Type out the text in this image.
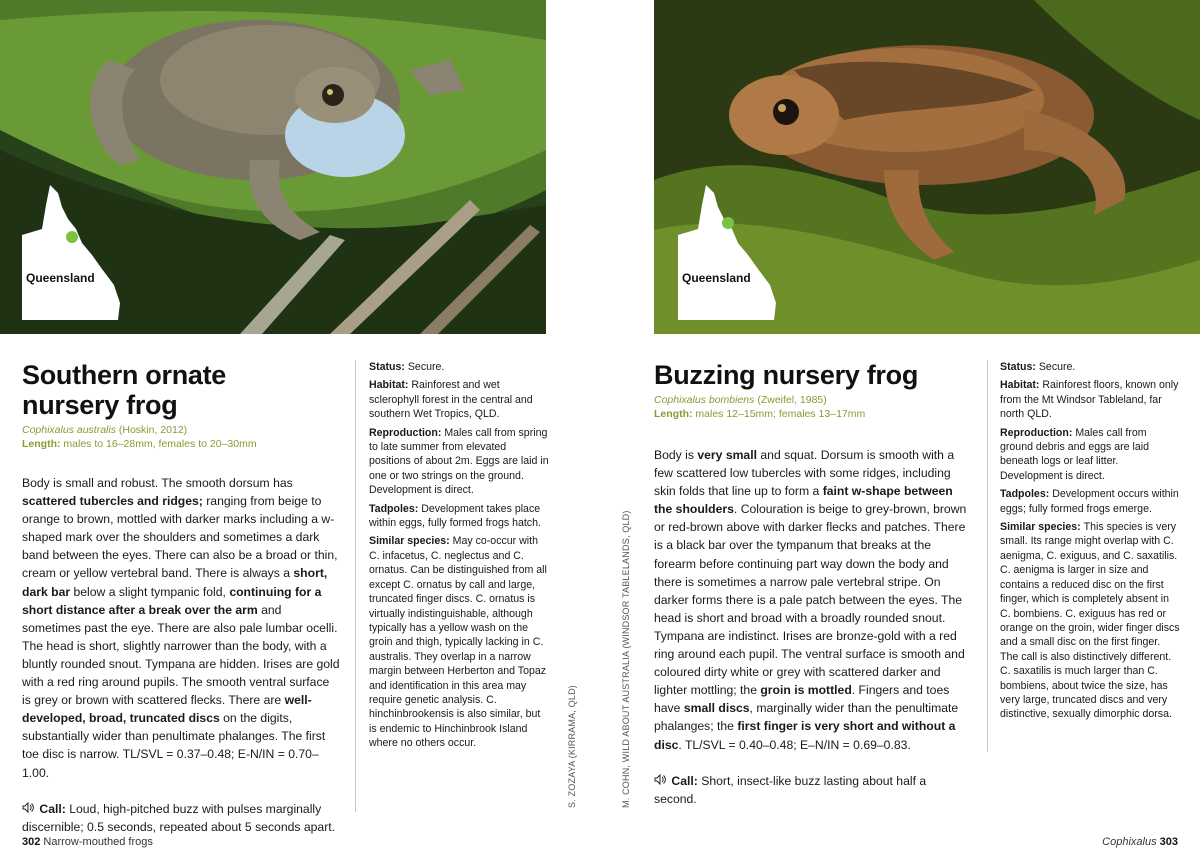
Queensland	Queensland
S. ZOZAYA (KIRRAMA, QLD)	M. COHN, WILD ABOUT AUSTRALIA (WINDSOR TABLELANDS, QLD)
Southern ornate
nursery frog
Cophixalus australis (Hoskin, 2012)
Length: males to 16–28mm, females to 20–30mm
Body is small and robust. The smooth dorsum has scattered tubercles and ridges; ranging from beige to orange to brown, mottled with darker marks including a w-shaped mark over the shoulders and sometimes a dark band between the eyes. There can also be a broad or thin, cream or yellow vertebral band. There is always a short, dark bar below a slight tympanic fold, continuing for a short distance after a break over the arm and sometimes past the eye. There are also pale lumbar ocelli. The head is short, slightly narrower than the body, with a bluntly rounded snout. Tympana are hidden. Irises are gold with a red ring around pupils. The smooth ventral surface is grey or brown with scattered flecks. There are well-developed, broad, truncated discs on the digits, substantially wider than penultimate phalanges. The first toe disc is narrow. TL/SVL = 0.37–0.48; E-N/IN = 0.70–1.00.
Call: Loud, high-pitched buzz with pulses marginally discernible; 0.5 seconds, repeated about 5 seconds apart.
Status: Secure.
Habitat: Rainforest and wet sclerophyll forest in the central and southern Wet Tropics, QLD.
Reproduction: Males call from spring to late summer from elevated positions of about 2m. Eggs are laid in one or two strings on the ground. Development is direct.
Tadpoles: Development takes place within eggs, fully formed frogs hatch.
Similar species: May co-occur with C. infacetus, C. neglectus and C. ornatus. Can be distinguished from all except C. ornatus by call and large, truncated finger discs. C. ornatus is virtually indistinguishable, although typically has a yellow wash on the groin and thigh, typically lacking in C. australis. They overlap in a narrow margin between Herberton and Topaz and identification in this area may require genetic analysis. C. hinchinbrookensis is also similar, but is endemic to Hinchinbrook Island where no others occur.
Buzzing nursery frog
Cophixalus bombiens (Zweifel, 1985)
Length: males 12–15mm; females 13–17mm
Body is very small and squat. Dorsum is smooth with a few scattered low tubercles with some ridges, including skin folds that line up to form a faint w-shape between the shoulders. Colouration is beige to grey-brown, brown or red-brown above with darker flecks and patches. There is a black bar over the tympanum that breaks at the forearm before continuing part way down the body and there is sometimes a narrow pale vertebral stripe. On darker forms there is a pale patch between the eyes. The head is short and broad with a broadly rounded snout. Tympana are indistinct. Irises are bronze-gold with a red ring around each pupil. The ventral surface is smooth and coloured dirty white or grey with scattered darker and lighter mottling; the groin is mottled. Fingers and toes have small discs, marginally wider than the penultimate phalanges; the first finger is very short and without a disc. TL/SVL = 0.40–0.48; E–N/IN = 0.69–0.83.
Call: Short, insect-like buzz lasting about half a second.
Status: Secure.
Habitat: Rainforest floors, known only from the Mt Windsor Tableland, far north QLD.
Reproduction: Males call from ground debris and eggs are laid beneath logs or leaf litter. Development is direct.
Tadpoles: Development occurs within eggs; fully formed frogs emerge.
Similar species: This species is very small. Its range might overlap with C. aenigma, C. exiguus, and C. saxatilis. C. aenigma is larger in size and contains a reduced disc on the first finger, which is completely absent in C. bombiens. C. exiguus has red or orange on the groin, wider finger discs and a small disc on the first finger. The call is also distinctively different. C. saxatilis is much larger than C. bombiens, about twice the size, has very large, truncated discs and very distinctive, sexually dimorphic dorsa.
302 Narrow-mouthed frogs	Cophixalus 303
